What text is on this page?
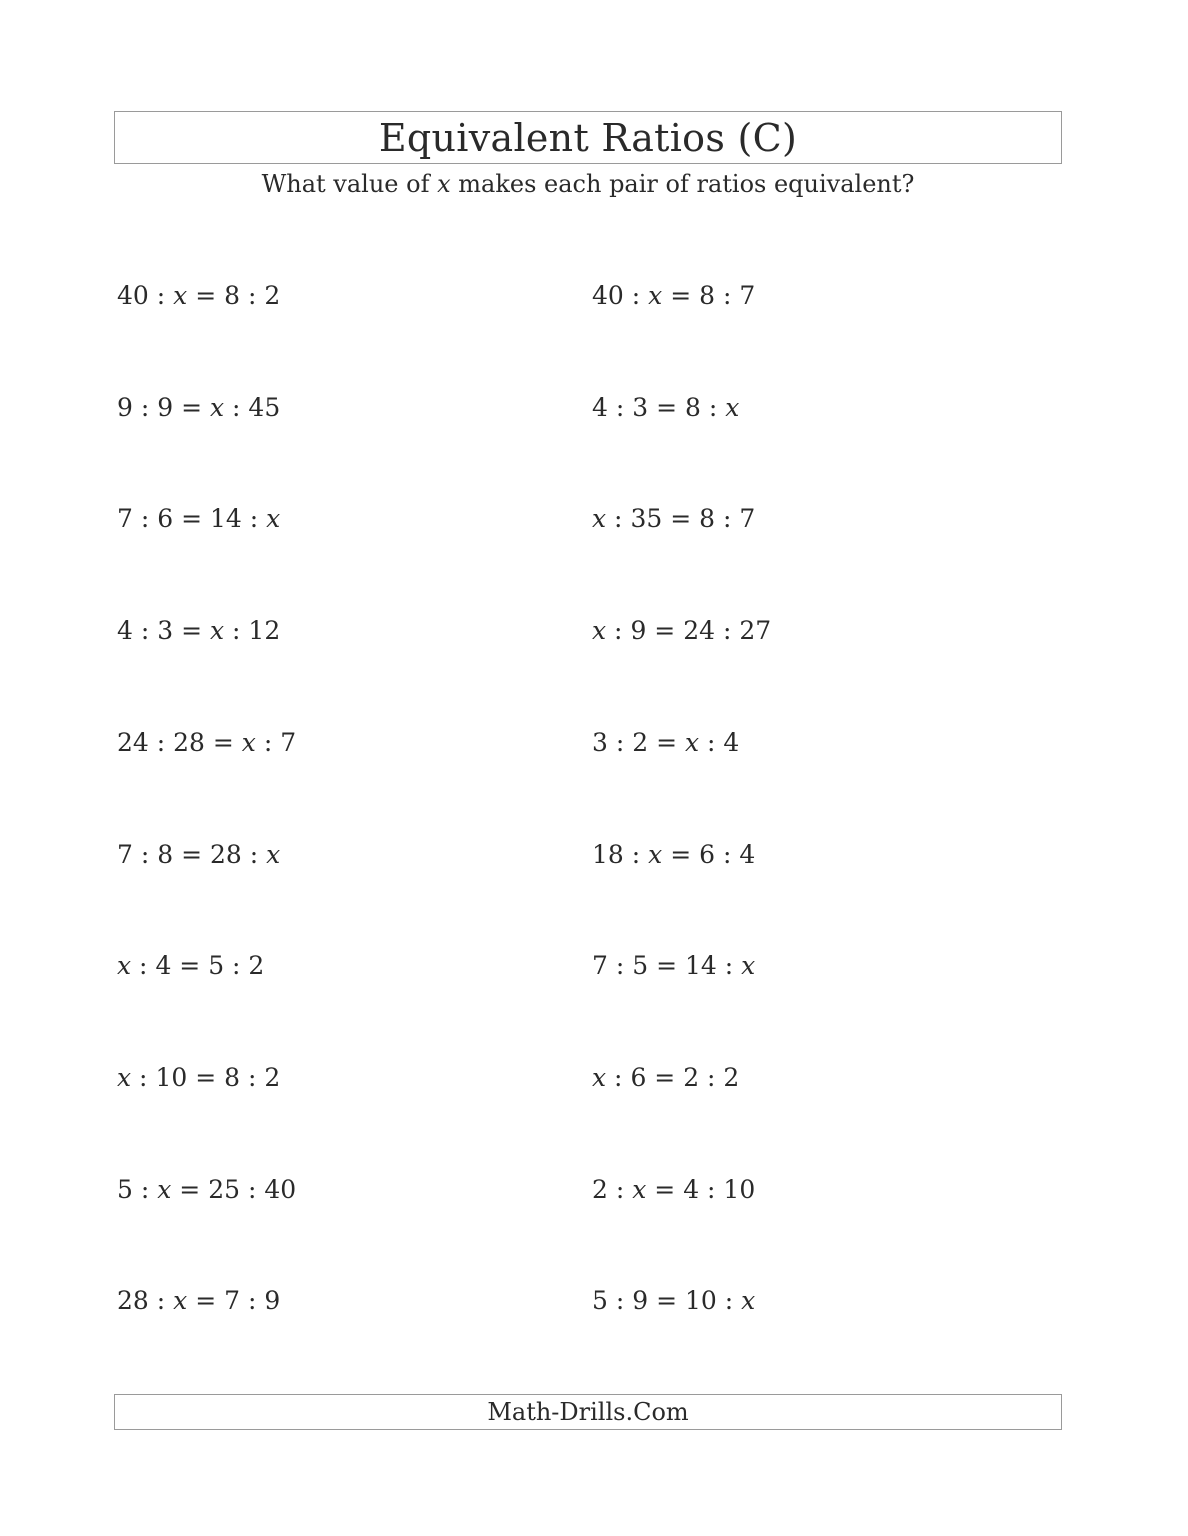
Equivalent Ratios (C)
What value of x makes each pair of ratios equivalent?
40 : x = 8 : 2
9 : 9 = x : 45
7 : 6 = 14 : x
4 : 3 = x : 12
24 : 28 = x : 7
7 : 8 = 28 : x
x : 4 = 5 : 2
x : 10 = 8 : 2
5 : x = 25 : 40
28 : x = 7 : 9
40 : x = 8 : 7
4 : 3 = 8 : x
x : 35 = 8 : 7
x : 9 = 24 : 27
3 : 2 = x : 4
18 : x = 6 : 4
7 : 5 = 14 : x
x : 6 = 2 : 2
2 : x = 4 : 10
5 : 9 = 10 : x
Math-Drills.Com
